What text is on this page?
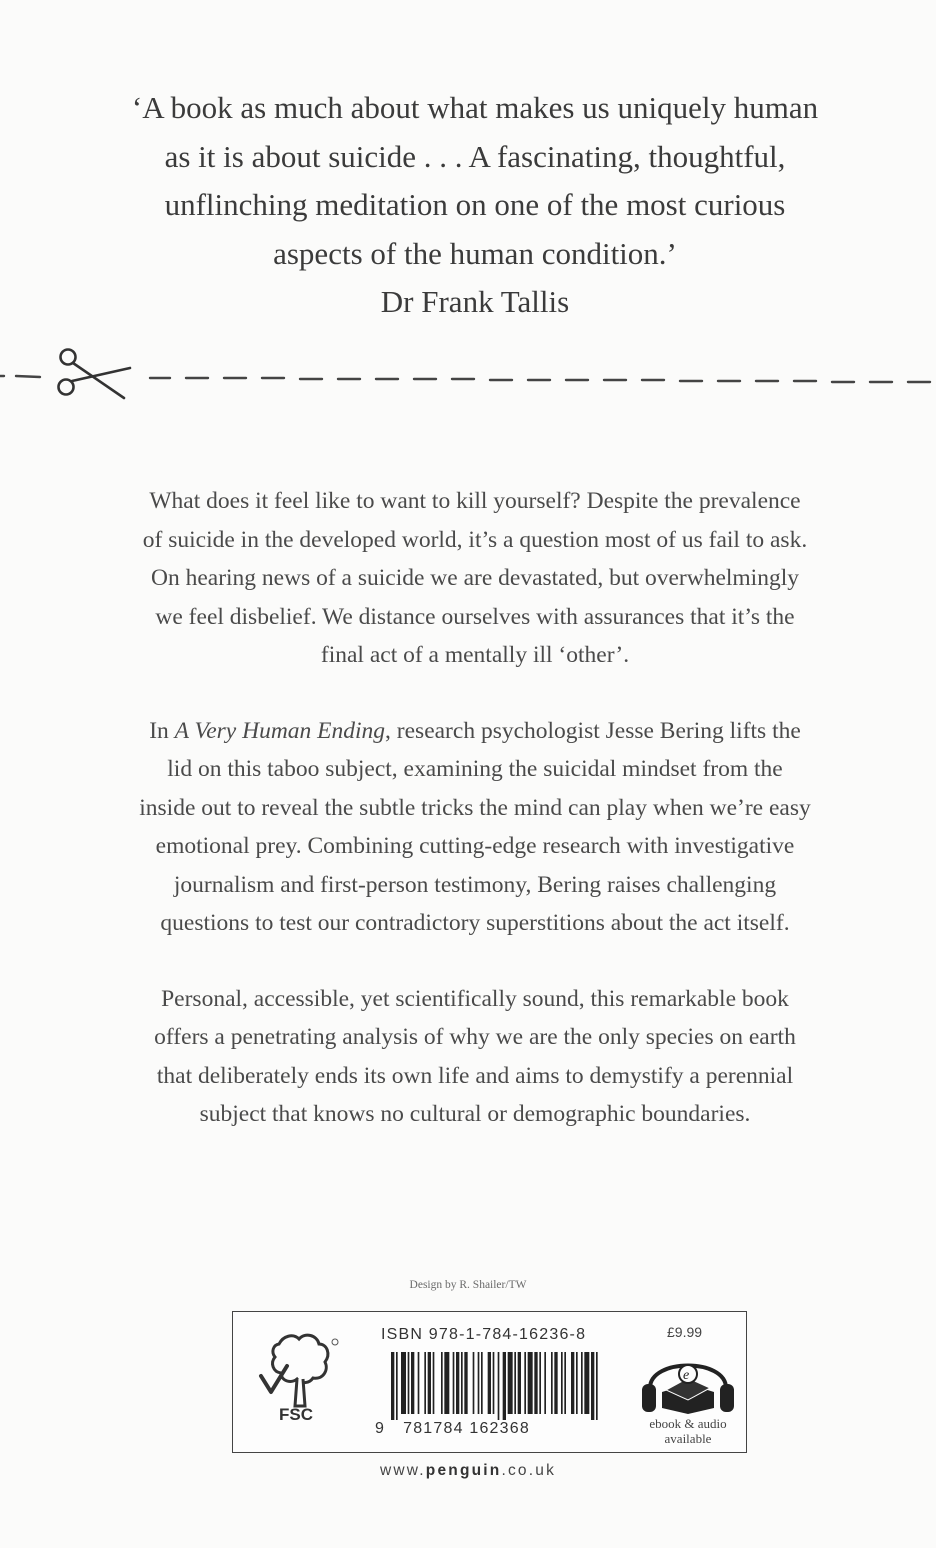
‘A book as much about what makes us uniquely human
as it is about suicide . . . A fascinating, thoughtful,
unflinching meditation on one of the most curious
aspects of the human condition.’
Dr Frank Tallis

What does it feel like to want to kill yourself? Despite the prevalence
of suicide in the developed world, it’s a question most of us fail to ask.
On hearing news of a suicide we are devastated, but overwhelmingly
we feel disbelief. We distance ourselves with assurances that it’s the
final act of a mentally ill ‘other’.

In A Very Human Ending, research psychologist Jesse Bering lifts the
lid on this taboo subject, examining the suicidal mindset from the
inside out to reveal the subtle tricks the mind can play when we’re easy
emotional prey. Combining cutting-edge research with investigative
journalism and first-person testimony, Bering raises challenging
questions to test our contradictory superstitions about the act itself.

Personal, accessible, yet scientifically sound, this remarkable book
offers a penetrating analysis of why we are the only species on earth
that deliberately ends its own life and aims to demystify a perennial
subject that knows no cultural or demographic boundaries.

Design by R. Shailer/TW
FSC
ISBN 978-1-784-16236-8
9 781784 162368
£9.99
e
ebook & audio
available
www.penguin.co.uk
